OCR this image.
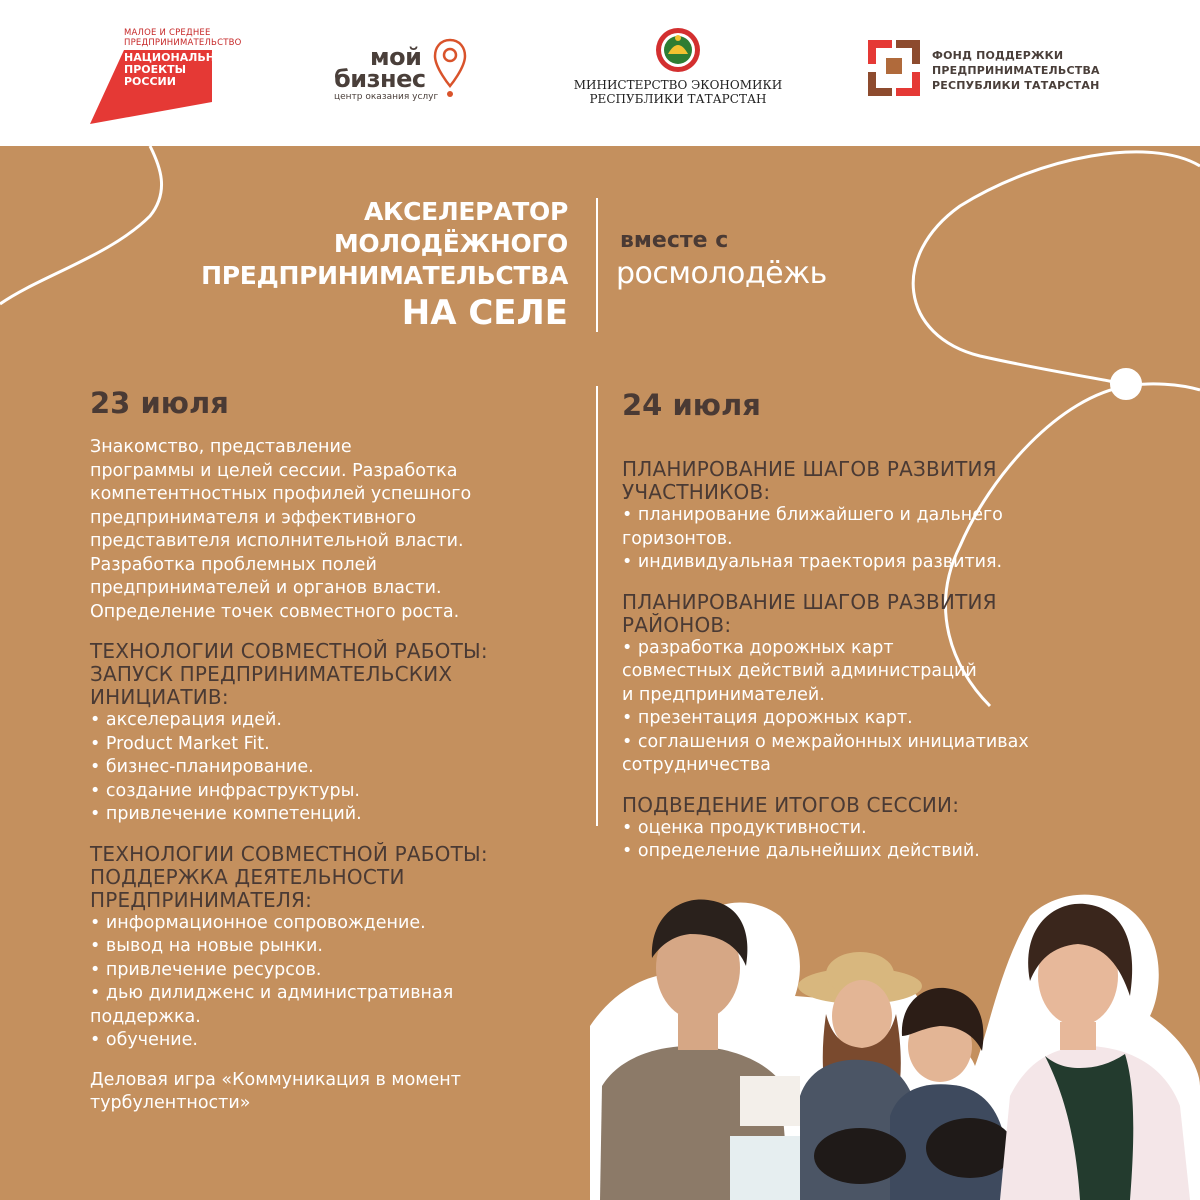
МАЛОЕ И СРЕДНЕЕ
ПРЕДПРИНИМАТЕЛЬСТВО
НАЦИОНАЛЬНЫЕ
ПРОЕКТЫ
РОССИИ
мой
бизнес
центр оказания услуг
МИНИСТЕРСТВО ЭКОНОМИКИ
РЕСПУБЛИКИ ТАТАРСТАН
ФОНД ПОДДЕРЖКИ
ПРЕДПРИНИМАТЕЛЬСТВА
РЕСПУБЛИКИ ТАТАРСТАН
АКСЕЛЕРАТОР
МОЛОДЁЖНОГО
ПРЕДПРИНИМАТЕЛЬСТВА
НА СЕЛЕ
вместе с
росмолодёжь
23 июля
Знакомство, представление
программы и целей сессии. Разработка
компетентностных профилей успешного
предпринимателя и эффективного
представителя исполнительной власти.
Разработка проблемных полей
предпринимателей и органов власти.
Определение точек совместного роста.
ТЕХНОЛОГИИ СОВМЕСТНОЙ РАБОТЫ:
ЗАПУСК ПРЕДПРИНИМАТЕЛЬСКИХ
ИНИЦИАТИВ:
• акселерация идей.
• Product Market Fit.
• бизнес-планирование.
• создание инфраструктуры.
• привлечение компетенций.
ТЕХНОЛОГИИ СОВМЕСТНОЙ РАБОТЫ:
ПОДДЕРЖКА ДЕЯТЕЛЬНОСТИ
ПРЕДПРИНИМАТЕЛЯ:
• информационное сопровождение.
• вывод на новые рынки.
• привлечение ресурсов.
• дью дилидженс и административная
поддержка.
• обучение.
Деловая игра «Коммуникация в момент
турбулентности»
24 июля
ПЛАНИРОВАНИЕ ШАГОВ РАЗВИТИЯ
УЧАСТНИКОВ:
• планирование ближайшего и дальнего
горизонтов.
• индивидуальная траектория развития.
ПЛАНИРОВАНИЕ ШАГОВ РАЗВИТИЯ
РАЙОНОВ:
• разработка дорожных карт
совместных действий администраций
и предпринимателей.
• презентация дорожных карт.
• соглашения о межрайонных инициативах
сотрудничества
ПОДВЕДЕНИЕ ИТОГОВ СЕССИИ:
• оценка продуктивности.
• определение дальнейших действий.
